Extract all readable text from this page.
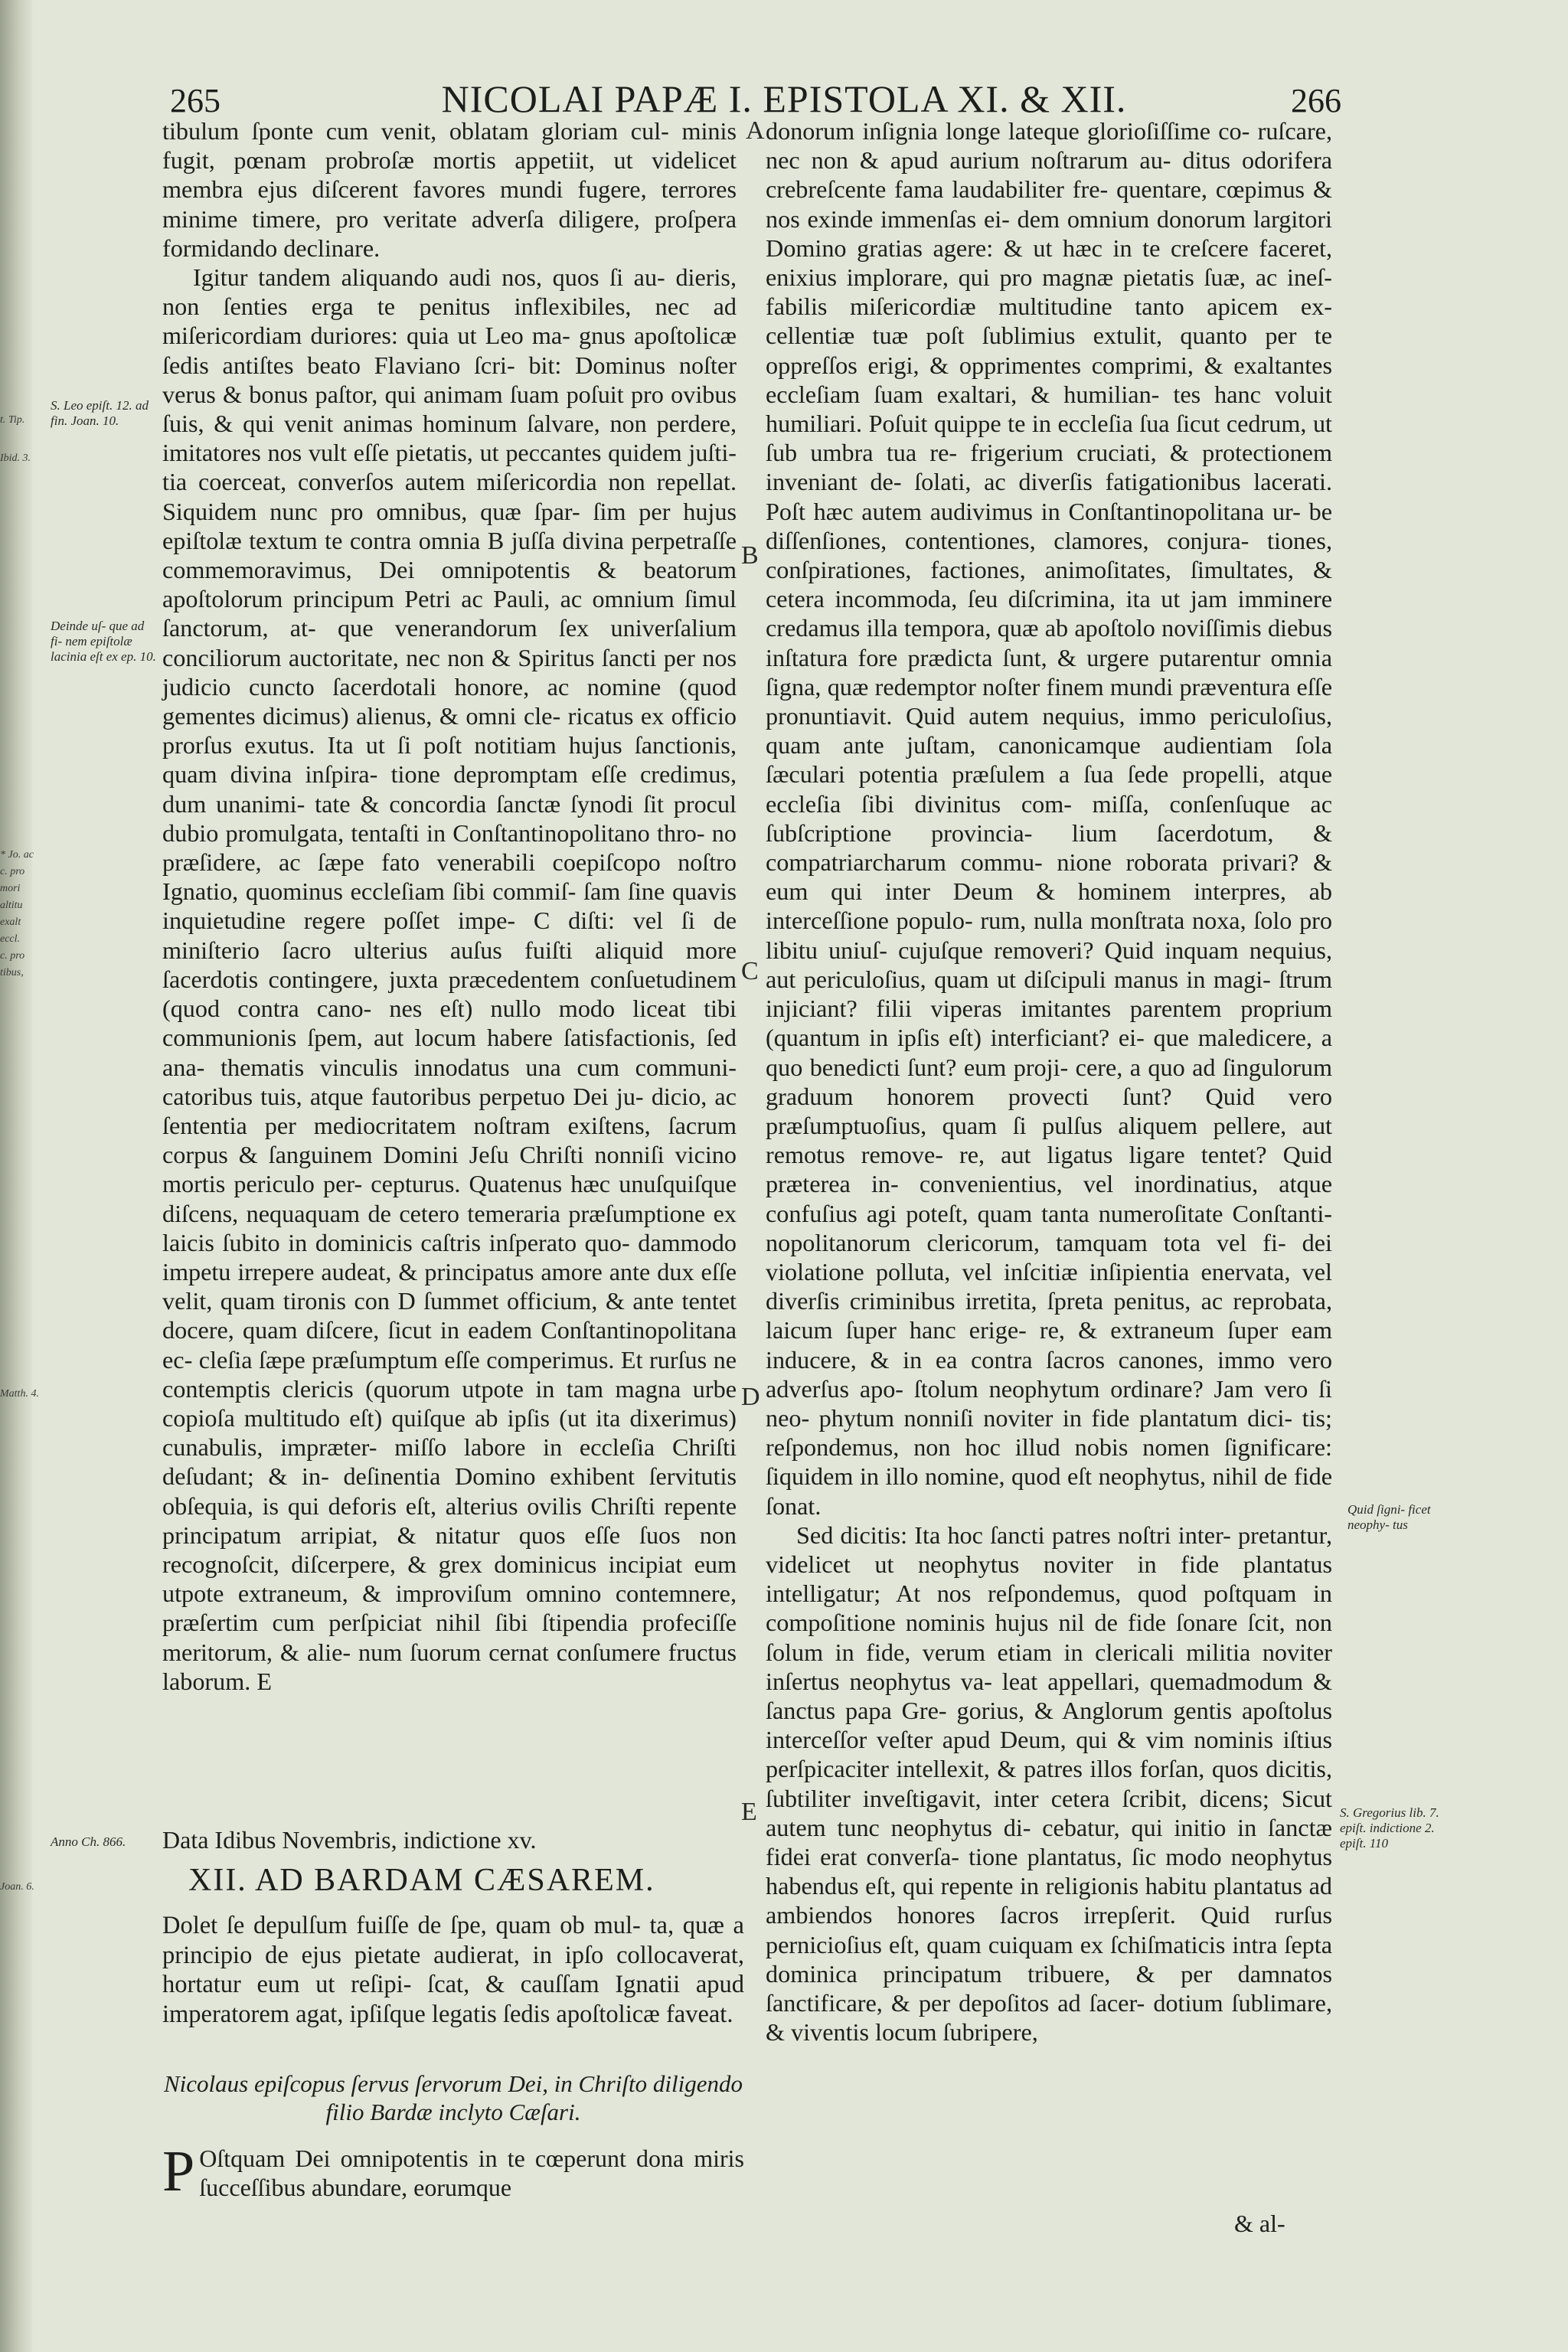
t. Tip.
Ibid. 3.
* Jo. ac
c. pro
mori
altitu
exalt
eccl.
c. pro
tibus,
Matth. 4.
Joan. 6.
265	NICOLAI PAPÆ I. EPISTOLA XI. & XII.	266

tibulum ſponte cum venit, oblatam gloriam cul- minis fugit, pœnam probroſæ mortis appetiit, ut videlicet membra ejus diſcerent favores mundi fugere, terrores minime timere, pro veritate adverſa diligere, proſpera formidando declinare.

Igitur tandem aliquando audi nos, quos ſi au- dieris, non ſenties erga te penitus inflexibiles, nec ad miſericordiam duriores: quia ut Leo ma- gnus apoſtolicæ ſedis antiſtes beato Flaviano ſcri- bit: Dominus noſter verus & bonus paſtor, qui animam ſuam poſuit pro ovibus ſuis, & qui venit animas hominum ſalvare, non perdere, imitatores nos vult eſſe pietatis, ut peccantes quidem juſti- tia coerceat, converſos autem miſericordia non repellat. Siquidem nunc pro omnibus, quæ ſpar- ſim per hujus epiſtolæ textum te contra omnia B juſſa divina perpetraſſe commemoravimus, Dei omnipotentis & beatorum apoſtolorum principum Petri ac Pauli, ac omnium ſimul ſanctorum, at- que venerandorum ſex univerſalium conciliorum auctoritate, nec non & Spiritus ſancti per nos judicio cuncto ſacerdotali honore, ac nomine (quod gementes dicimus) alienus, & omni cle- ricatus ex officio prorſus exutus. Ita ut ſi poſt notitiam hujus ſanctionis, quam divina inſpira- tione depromptam eſſe credimus, dum unanimi- tate & concordia ſanctæ ſynodi ſit procul dubio promulgata, tentaſti in Conſtantinopolitano thro- no præſidere, ac ſæpe fato venerabili coepiſcopo noſtro Ignatio, quominus eccleſiam ſibi commiſ- ſam ſine quavis inquietudine regere poſſet impe- C diſti: vel ſi de miniſterio ſacro ulterius auſus fuiſti aliquid more ſacerdotis contingere, juxta præcedentem conſuetudinem (quod contra cano- nes eſt) nullo modo liceat tibi communionis ſpem, aut locum habere ſatisfactionis, ſed ana- thematis vinculis innodatus una cum communi- catoribus tuis, atque fautoribus perpetuo Dei ju- dicio, ac ſententia per mediocritatem noſtram exiſtens, ſacrum corpus & ſanguinem Domini Jeſu Chriſti nonniſi vicino mortis periculo per- cepturus. Quatenus hæc unuſquiſque diſcens, nequaquam de cetero temeraria præſumptione ex laicis ſubito in dominicis caſtris inſperato quo- dammodo impetu irrepere audeat, & principatus amore ante dux eſſe velit, quam tironis con D ſummet officium, & ante tentet docere, quam diſcere, ſicut in eadem Conſtantinopolitana ec- cleſia ſæpe præſumptum eſſe comperimus. Et rurſus ne contemptis clericis (quorum utpote in tam magna urbe copioſa multitudo eſt) quiſque ab ipſis (ut ita dixerimus) cunabulis, impræter- miſſo labore in eccleſia Chriſti deſudant; & in- deſinentia Domino exhibent ſervitutis obſequia, is qui deforis eſt, alterius ovilis Chriſti repente principatum arripiat, & nitatur quos eſſe ſuos non recognoſcit, diſcerpere, & grex dominicus incipiat eum utpote extraneum, & improviſum omnino contemnere, præſertim cum perſpiciat nihil ſibi ſtipendia profeciſſe meritorum, & alie- num ſuorum cernat conſumere fructus laborum. E

Data Idibus Novembris, indictione xv.
XII. AD BARDAM CÆSAREM.
Dolet ſe depulſum fuiſſe de ſpe, quam ob mul- ta, quæ a principio de ejus pietate audierat, in ipſo collocaverat, hortatur eum ut reſipi- ſcat, & cauſſam Ignatii apud imperatorem agat, ipſiſque legatis ſedis apoſtolicæ faveat.
Nicolaus epiſcopus ſervus ſervorum Dei, in Chriſto diligendo filio Bardæ inclyto Cæſari.
P Oſtquam Dei omnipotentis in te cœperunt dona miris ſucceſſibus abundare, eorumque

donorum inſignia longe lateque glorioſiſſime co- ruſcare, nec non & apud aurium noſtrarum au- ditus odorifera crebreſcente fama laudabiliter fre- quentare, cœpimus & nos exinde immenſas ei- dem omnium donorum largitori Domino gratias agere: & ut hæc in te creſcere faceret, enixius implorare, qui pro magnæ pietatis ſuæ, ac ineſ- fabilis miſericordiæ multitudine tanto apicem ex- cellentiæ tuæ poſt ſublimius extulit, quanto per te oppreſſos erigi, & opprimentes comprimi, & exaltantes eccleſiam ſuam exaltari, & humilian- tes hanc voluit humiliari. Poſuit quippe te in eccleſia ſua ſicut cedrum, ut ſub umbra tua re- frigerium cruciati, & protectionem inveniant de- ſolati, ac diverſis fatigationibus lacerati. Poſt hæc autem audivimus in Conſtantinopolitana ur- be diſſenſiones, contentiones, clamores, conjura- tiones, conſpirationes, factiones, animoſitates, ſimultates, & cetera incommoda, ſeu diſcrimina, ita ut jam imminere credamus illa tempora, quæ ab apoſtolo noviſſimis diebus inſtatura fore prædicta ſunt, & urgere putarentur omnia ſigna, quæ redemptor noſter finem mundi præventura eſſe pronuntiavit. Quid autem nequius, immo periculoſius, quam ante juſtam, canonicamque audientiam ſola ſæculari potentia præſulem a ſua ſede propelli, atque eccleſia ſibi divinitus com- miſſa, conſenſuque ac ſubſcriptione provincia- lium ſacerdotum, & compatriarcharum commu- nione roborata privari? & eum qui inter Deum & hominem interpres, ab interceſſione populo- rum, nulla monſtrata noxa, ſolo pro libitu uniuſ- cujuſque removeri? Quid inquam nequius, aut periculoſius, quam ut diſcipuli manus in magi- ſtrum injiciant? filii viperas imitantes parentem proprium (quantum in ipſis eſt) interficiant? ei- que maledicere, a quo benedicti ſunt? eum proji- cere, a quo ad ſingulorum graduum honorem provecti ſunt? Quid vero præſumptuoſius, quam ſi pulſus aliquem pellere, aut remotus remove- re, aut ligatus ligare tentet? Quid præterea in- convenientius, vel inordinatius, atque confuſius agi poteſt, quam tanta numeroſitate Conſtanti- nopolitanorum clericorum, tamquam tota vel fi- dei violatione polluta, vel inſcitiæ inſipientia enervata, vel diverſis criminibus irretita, ſpreta penitus, ac reprobata, laicum ſuper hanc erige- re, & extraneum ſuper eam inducere, & in ea contra ſacros canones, immo vero adverſus apo- ſtolum neophytum ordinare? Jam vero ſi neo- phytum nonniſi noviter in fide plantatum dici- tis; reſpondemus, non hoc illud nobis nomen ſignificare: ſiquidem in illo nomine, quod eſt neophytus, nihil de fide ſonat.

Sed dicitis: Ita hoc ſancti patres noſtri inter- pretantur, videlicet ut neophytus noviter in fide plantatus intelligatur; At nos reſpondemus, quod poſtquam in compoſitione nominis hujus nil de fide ſonare ſcit, non ſolum in fide, verum etiam in clericali militia noviter inſertus neophytus va- leat appellari, quemadmodum & ſanctus papa Gre- gorius, & Anglorum gentis apoſtolus interceſſor veſter apud Deum, qui & vim nominis iſtius perſpicaciter intellexit, & patres illos forſan, quos dicitis, ſubtiliter inveſtigavit, inter cetera ſcribit, dicens; Sicut autem tunc neophytus di- cebatur, qui initio in ſanctæ fidei erat converſa- tione plantatus, ſic modo neophytus habendus eſt, qui repente in religionis habitu plantatus ad ambiendos honores ſacros irrepſerit. Quid rurſus pernicioſius eſt, quam cuiquam ex ſchiſmaticis intra ſepta dominica principatum tribuere, & per damnatos ſanctificare, & per depoſitos ad ſacer- dotium ſublimare, & viventis locum ſubripere,

& al-
A
B
C
D
E
S. Leo epiſt. 12. ad fin. Joan. 10.
Deinde uſ- que ad fi- nem epiſtolæ lacinia eſt ex ep. 10.
Anno Ch. 866.
Quid ſigni- ficet neophy- tus
S. Gregorius lib. 7. epiſt. indictione 2. epiſt. 110
